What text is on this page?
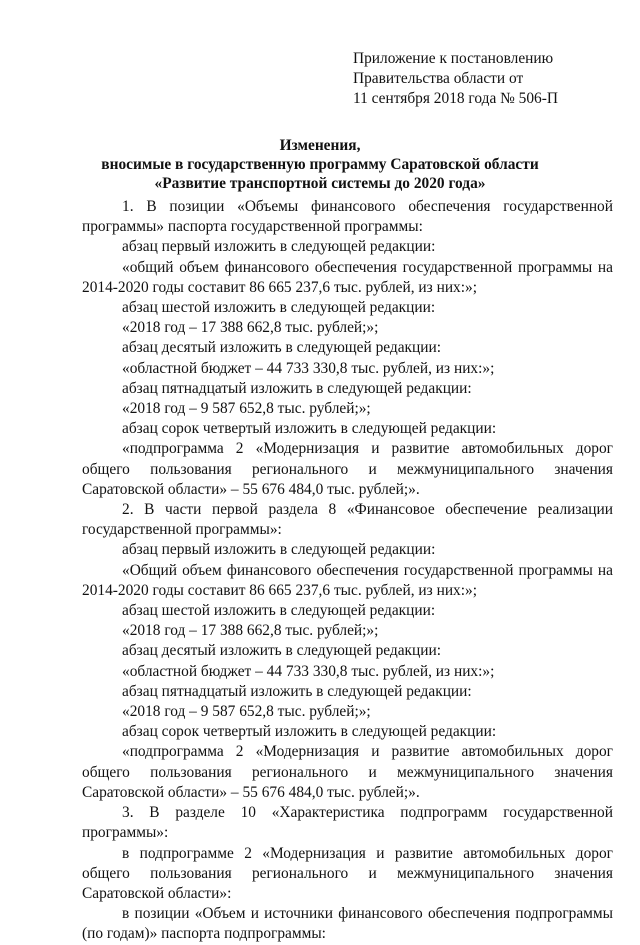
Приложение к постановлению
Правительства области от
11 сентября 2018 года № 506-П
Изменения,
вносимые в государственную программу Саратовской области
«Развитие транспортной системы до 2020 года»

1. В позиции «Объемы финансового обеспечения государственной программы» паспорта государственной программы:

абзац первый изложить в следующей редакции:

«общий объем финансового обеспечения государственной программы на 2014-2020 годы составит 86 665 237,6 тыс. рублей, из них:»;

абзац шестой изложить в следующей редакции:

«2018 год – 17 388 662,8 тыс. рублей;»;

абзац десятый изложить в следующей редакции:

«областной бюджет – 44 733 330,8 тыс. рублей, из них:»;

абзац пятнадцатый изложить в следующей редакции:

«2018 год – 9 587 652,8 тыс. рублей;»;

абзац сорок четвертый изложить в следующей редакции:

«подпрограмма 2 «Модернизация и развитие автомобильных дорог общего пользования регионального и межмуниципального значения Саратовской области» – 55 676 484,0 тыс. рублей;».

2. В части первой раздела 8 «Финансовое обеспечение реализации государственной программы»:

абзац первый изложить в следующей редакции:

«Общий объем финансового обеспечения государственной программы на 2014-2020 годы составит 86 665 237,6 тыс. рублей, из них:»;

абзац шестой изложить в следующей редакции:

«2018 год – 17 388 662,8 тыс. рублей;»;

абзац десятый изложить в следующей редакции:

«областной бюджет – 44 733 330,8 тыс. рублей, из них:»;

абзац пятнадцатый изложить в следующей редакции:

«2018 год – 9 587 652,8 тыс. рублей;»;

абзац сорок четвертый изложить в следующей редакции:

«подпрограмма 2 «Модернизация и развитие автомобильных дорог общего пользования регионального и межмуниципального значения Саратовской области» – 55 676 484,0 тыс. рублей;».

3. В разделе 10 «Характеристика подпрограмм государственной программы»:

в подпрограмме 2 «Модернизация и развитие автомобильных дорог общего пользования регионального и межмуниципального значения Саратовской области»:

в позиции «Объем и источники финансового обеспечения подпрограммы (по годам)» паспорта подпрограммы:
